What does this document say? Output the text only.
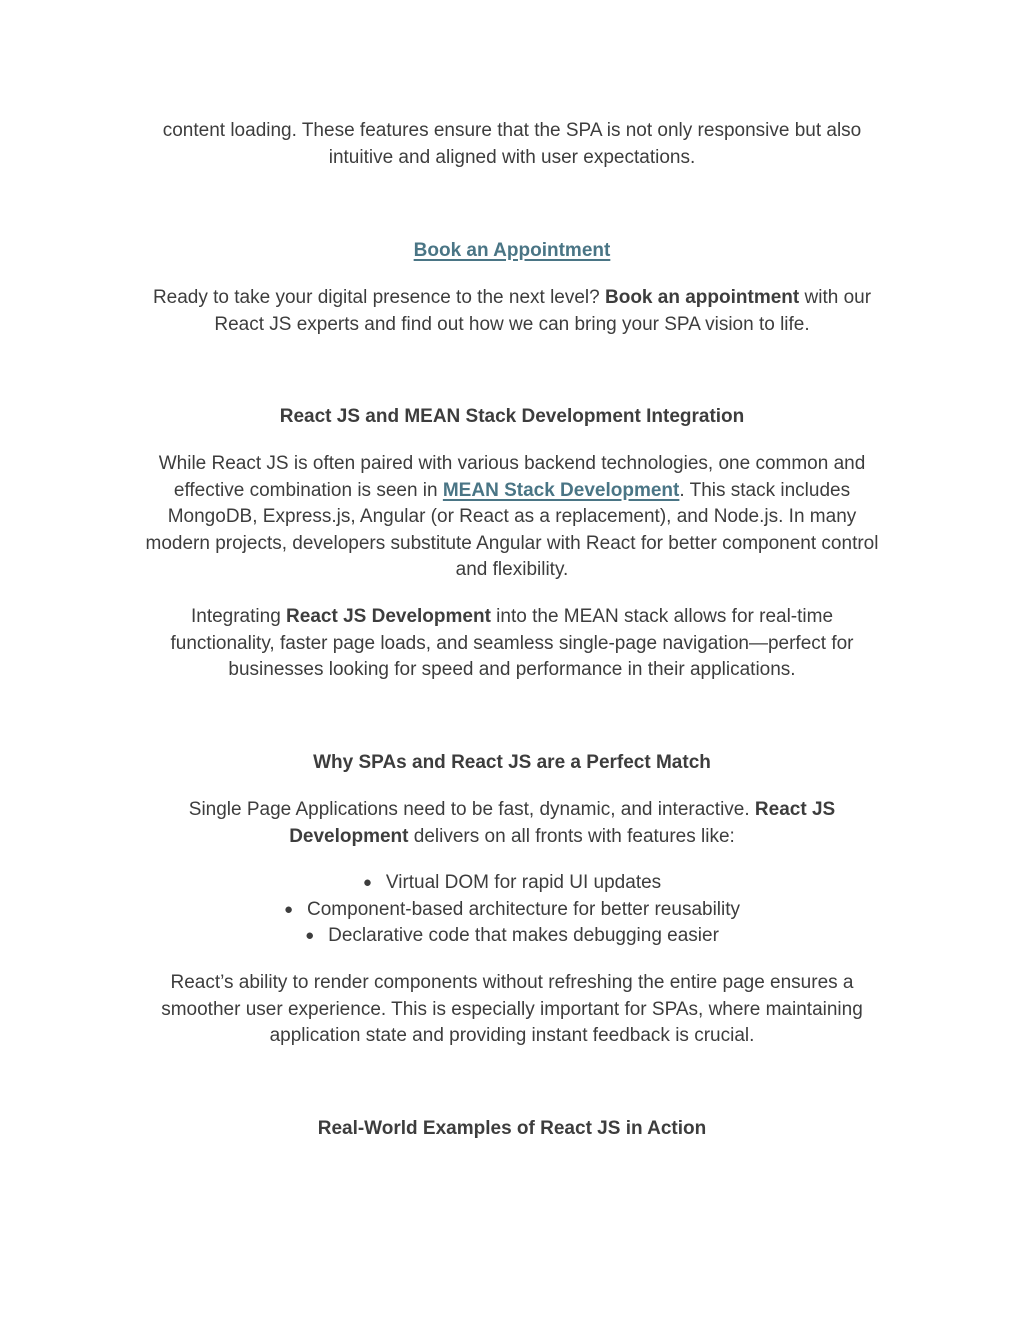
content loading. These features ensure that the SPA is not only responsive but also
intuitive and aligned with user expectations.
Book an Appointment
Ready to take your digital presence to the next level? Book an appointment with our
React JS experts and find out how we can bring your SPA vision to life.
React JS and MEAN Stack Development Integration
While React JS is often paired with various backend technologies, one common and
effective combination is seen in MEAN Stack Development. This stack includes
MongoDB, Express.js, Angular (or React as a replacement), and Node.js. In many
modern projects, developers substitute Angular with React for better component control
and flexibility.
Integrating React JS Development into the MEAN stack allows for real-time
functionality, faster page loads, and seamless single-page navigation—perfect for
businesses looking for speed and performance in their applications.
Why SPAs and React JS are a Perfect Match
Single Page Applications need to be fast, dynamic, and interactive. React JS
Development delivers on all fronts with features like:
● Virtual DOM for rapid UI updates
● Component-based architecture for better reusability
● Declarative code that makes debugging easier
React’s ability to render components without refreshing the entire page ensures a
smoother user experience. This is especially important for SPAs, where maintaining
application state and providing instant feedback is crucial.
Real-World Examples of React JS in Action
